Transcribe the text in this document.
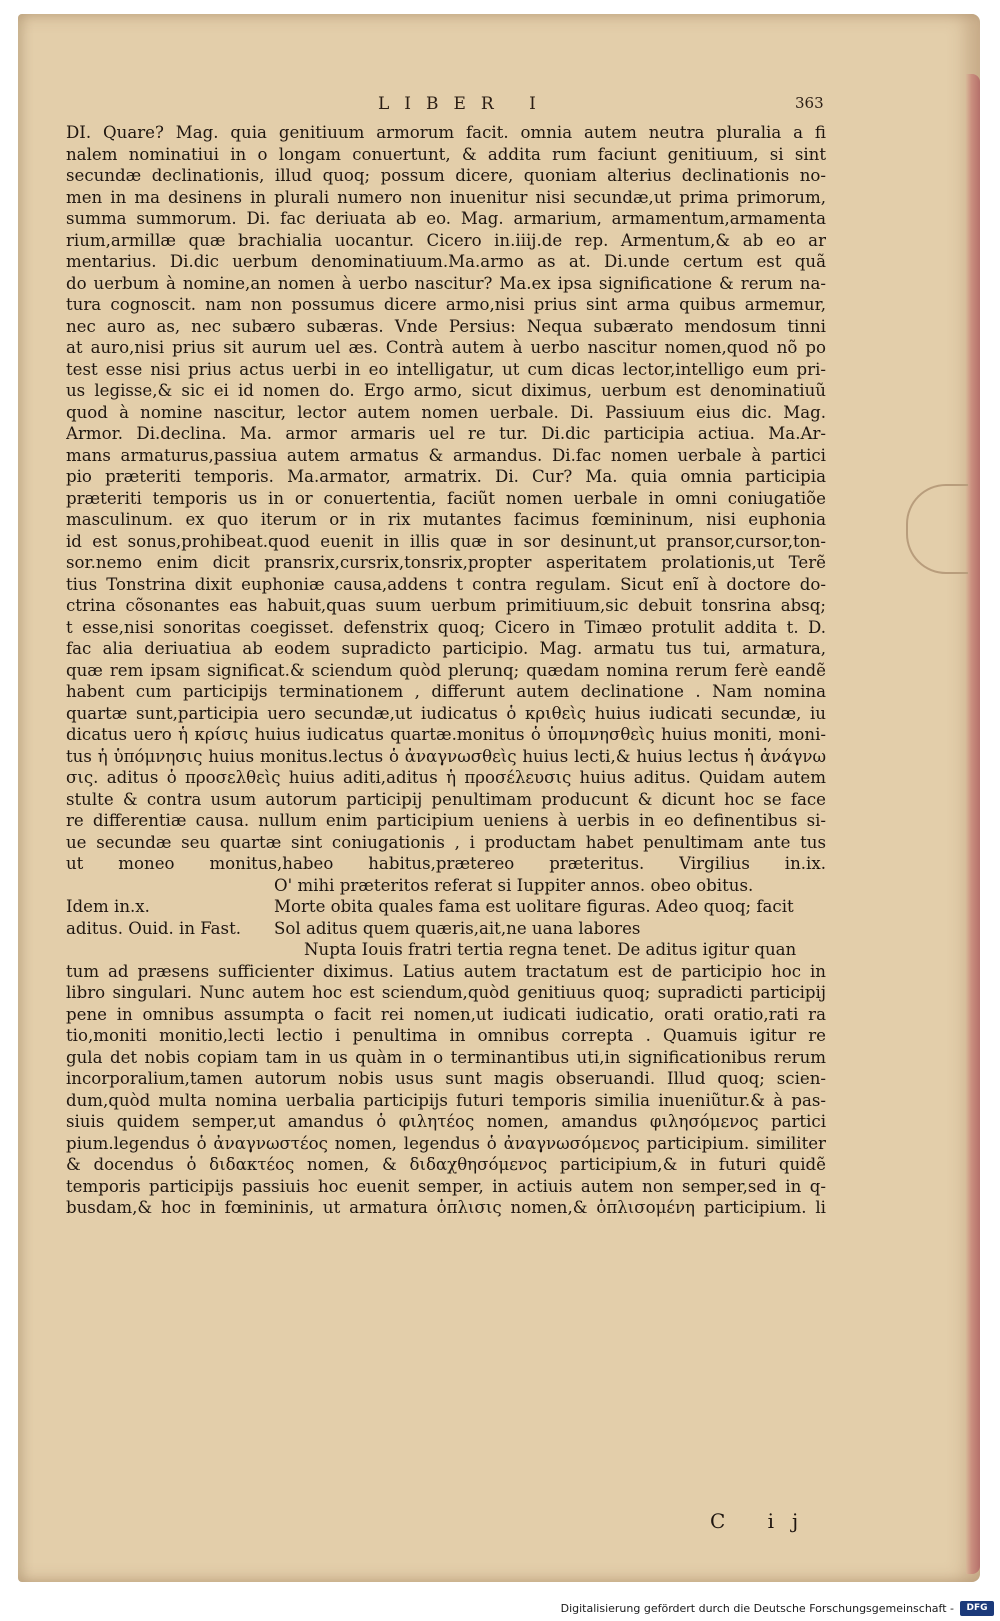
LIBER I	363
DI. Quare? Mag. quia genitiuum armorum facit. omnia autem neutra pluralia a fi
nalem nominatiui in o longam conuertunt, & addita rum faciunt genitiuum, si sint
secundæ declinationis, illud quoq; possum dicere, quoniam alterius declinationis no-
men in ma desinens in plurali numero non inuenitur nisi secundæ,ut prima primorum,
summa summorum. Di. fac deriuata ab eo. Mag. armarium, armamentum,armamenta
rium,armillæ quæ brachialia uocantur. Cicero in.iiij.de rep. Armentum,& ab eo ar
mentarius. Di.dic uerbum denominatiuum.Ma.armo as at. Di.unde certum est quã
do uerbum à nomine,an nomen à uerbo nascitur? Ma.ex ipsa significatione & rerum na-
tura cognoscit. nam non possumus dicere armo,nisi prius sint arma quibus armemur,
nec auro as, nec subæro subæras. Vnde Persius: Nequa subærato mendosum tinni
at auro,nisi prius sit aurum uel æs. Contrà autem à uerbo nascitur nomen,quod nõ po
test esse nisi prius actus uerbi in eo intelligatur, ut cum dicas lector,intelligo eum pri-
us legisse,& sic ei id nomen do. Ergo armo, sicut diximus, uerbum est denominatiuũ
quod à nomine nascitur, lector autem nomen uerbale. Di. Passiuum eius dic. Mag.
Armor. Di.declina. Ma. armor armaris uel re tur. Di.dic participia actiua. Ma.Ar-
mans armaturus,passiua autem armatus & armandus. Di.fac nomen uerbale à partici
pio præteriti temporis. Ma.armator, armatrix. Di. Cur? Ma. quia omnia participia
præteriti temporis us in or conuertentia, faciũt nomen uerbale in omni coniugatiõe
masculinum. ex quo iterum or in rix mutantes facimus fœmininum, nisi euphonia
id est sonus,prohibeat.quod euenit in illis quæ in sor desinunt,ut pransor,cursor,ton-
sor.nemo enim dicit pransrix,cursrix,tonsrix,propter asperitatem prolationis,ut Terẽ
tius Tonstrina dixit euphoniæ causa,addens t contra regulam. Sicut enĩ à doctore do-
ctrina cõsonantes eas habuit,quas suum uerbum primitiuum,sic debuit tonsrina absq;
t esse,nisi sonoritas coegisset. defenstrix quoq; Cicero in Timæo protulit addita t. D.
fac alia deriuatiua ab eodem supradicto participio. Mag. armatu tus tui, armatura,
quæ rem ipsam significat.& sciendum quòd plerunq; quædam nomina rerum ferè eandẽ
habent cum participijs terminationem , differunt autem declinatione . Nam nomina
quartæ sunt,participia uero secundæ,ut iudicatus ὁ κριθεὶς huius iudicati secundæ, iu
dicatus uero ἡ κρίσις huius iudicatus quartæ.monitus ὁ ὑπομνησθεὶς huius moniti, moni-
tus ἡ ὑπόμνησις huius monitus.lectus ὁ ἀναγνωσθεὶς huius lecti,& huius lectus ἡ ἀνάγνω
σις. aditus ὁ προσελθεὶς huius aditi,aditus ἡ προσέλευσις huius aditus. Quidam autem
stulte & contra usum autorum participij penultimam producunt & dicunt hoc se face
re differentiæ causa. nullum enim participium ueniens à uerbis in eo definentibus si-
ue secundæ seu quartæ sint coniugationis , i productam habet penultimam ante tus
ut moneo monitus,habeo habitus,prætereo præteritus. Virgilius in.ix.
O' mihi præteritos referat si Iuppiter annos. obeo obitus.
Idem in.x.	Morte obita quales fama est uolitare figuras. Adeo quoq; facit
aditus. Ouid. in Fast.	Sol aditus quem quæris,ait,ne uana labores
Nupta Iouis fratri tertia regna tenet. De aditus igitur quan
tum ad præsens sufficienter diximus. Latius autem tractatum est de participio hoc in
libro singulari. Nunc autem hoc est sciendum,quòd genitiuus quoq; supradicti participij
pene in omnibus assumpta o facit rei nomen,ut iudicati iudicatio, orati oratio,rati ra
tio,moniti monitio,lecti lectio i penultima in omnibus correpta . Quamuis igitur re
gula det nobis copiam tam in us quàm in o terminantibus uti,in significationibus rerum
incorporalium,tamen autorum nobis usus sunt magis obseruandi. Illud quoq; scien-
dum,quòd multa nomina uerbalia participijs futuri temporis similia inueniũtur.& à pas-
siuis quidem semper,ut amandus ὁ φιλητέος nomen, amandus φιλησόμενος partici
pium.legendus ὁ ἀναγνωστέος nomen, legendus ὁ ἀναγνωσόμενος participium. similiter
& docendus ὁ διδακτέος nomen, & διδαχθησόμενος participium,& in futuri quidẽ
temporis participijs passiuis hoc euenit semper, in actiuis autem non semper,sed in q-
busdam,& hoc in fœmininis, ut armatura ὁπλισις nomen,& ὁπλισομένη participium. li
C ij
Digitalisierung gefördert durch die Deutsche Forschungsgemeinschaft -	DFG
